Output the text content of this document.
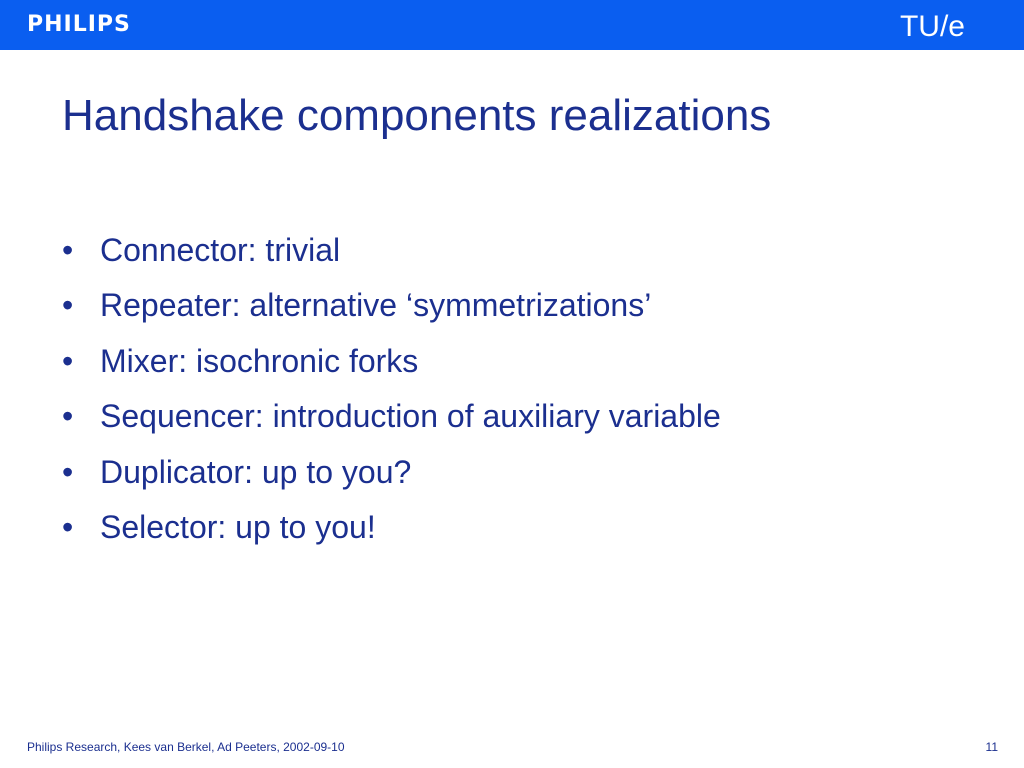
PHILIPS	TU/e
Handshake components realizations
• Connector: trivial
• Repeater: alternative ‘symmetrizations’
• Mixer: isochronic forks
• Sequencer: introduction of auxiliary variable
• Duplicator: up to you?
• Selector: up to you!
Philips Research, Kees van Berkel, Ad Peeters, 2002-09-10	11
